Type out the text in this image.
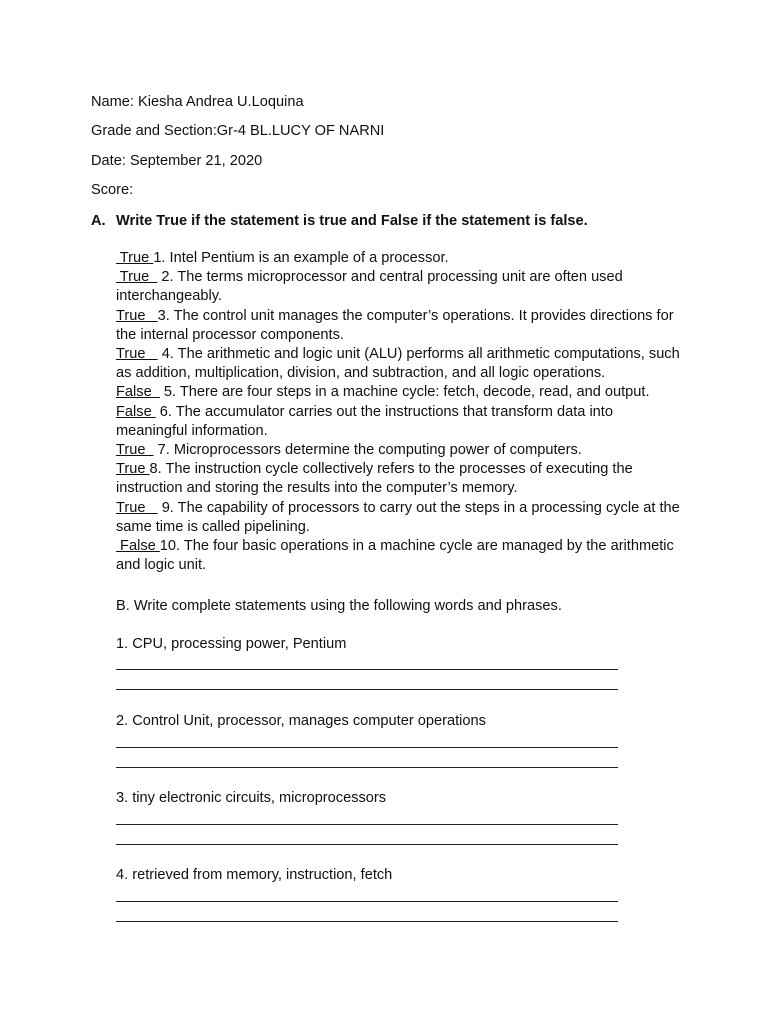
Name: Kiesha Andrea U.Loquina
Grade and Section:Gr-4 BL.LUCY OF NARNI
Date: September 21, 2020
Score:
A. Write True if the statement is true and False if the statement is false.

True 1. Intel Pentium is an example of a processor.

True   2. The terms microprocessor and central processing unit are often used interchangeably.

True   3. The control unit manages the computer’s operations. It provides directions for the internal processor components.

True    4. The arithmetic and logic unit (ALU) performs all arithmetic computations, such as addition, multiplication, division, and subtraction, and all logic operations.

False   5. There are four steps in a machine cycle: fetch, decode, read, and output.

False  6. The accumulator carries out the instructions that transform data into meaningful information.

True   7. Microprocessors determine the computing power of computers.

True 8. The instruction cycle collectively refers to the processes of executing the instruction and storing the results into the computer’s memory.

True    9. The capability of processors to carry out the steps in a processing cycle at the same time is called pipelining.

False 10. The four basic operations in a machine cycle are managed by the arithmetic and logic unit.

B. Write complete statements using the following words and phrases.
1. CPU, processing power, Pentium
2. Control Unit, processor, manages computer operations
3. tiny electronic circuits, microprocessors
4. retrieved from memory, instruction, fetch
